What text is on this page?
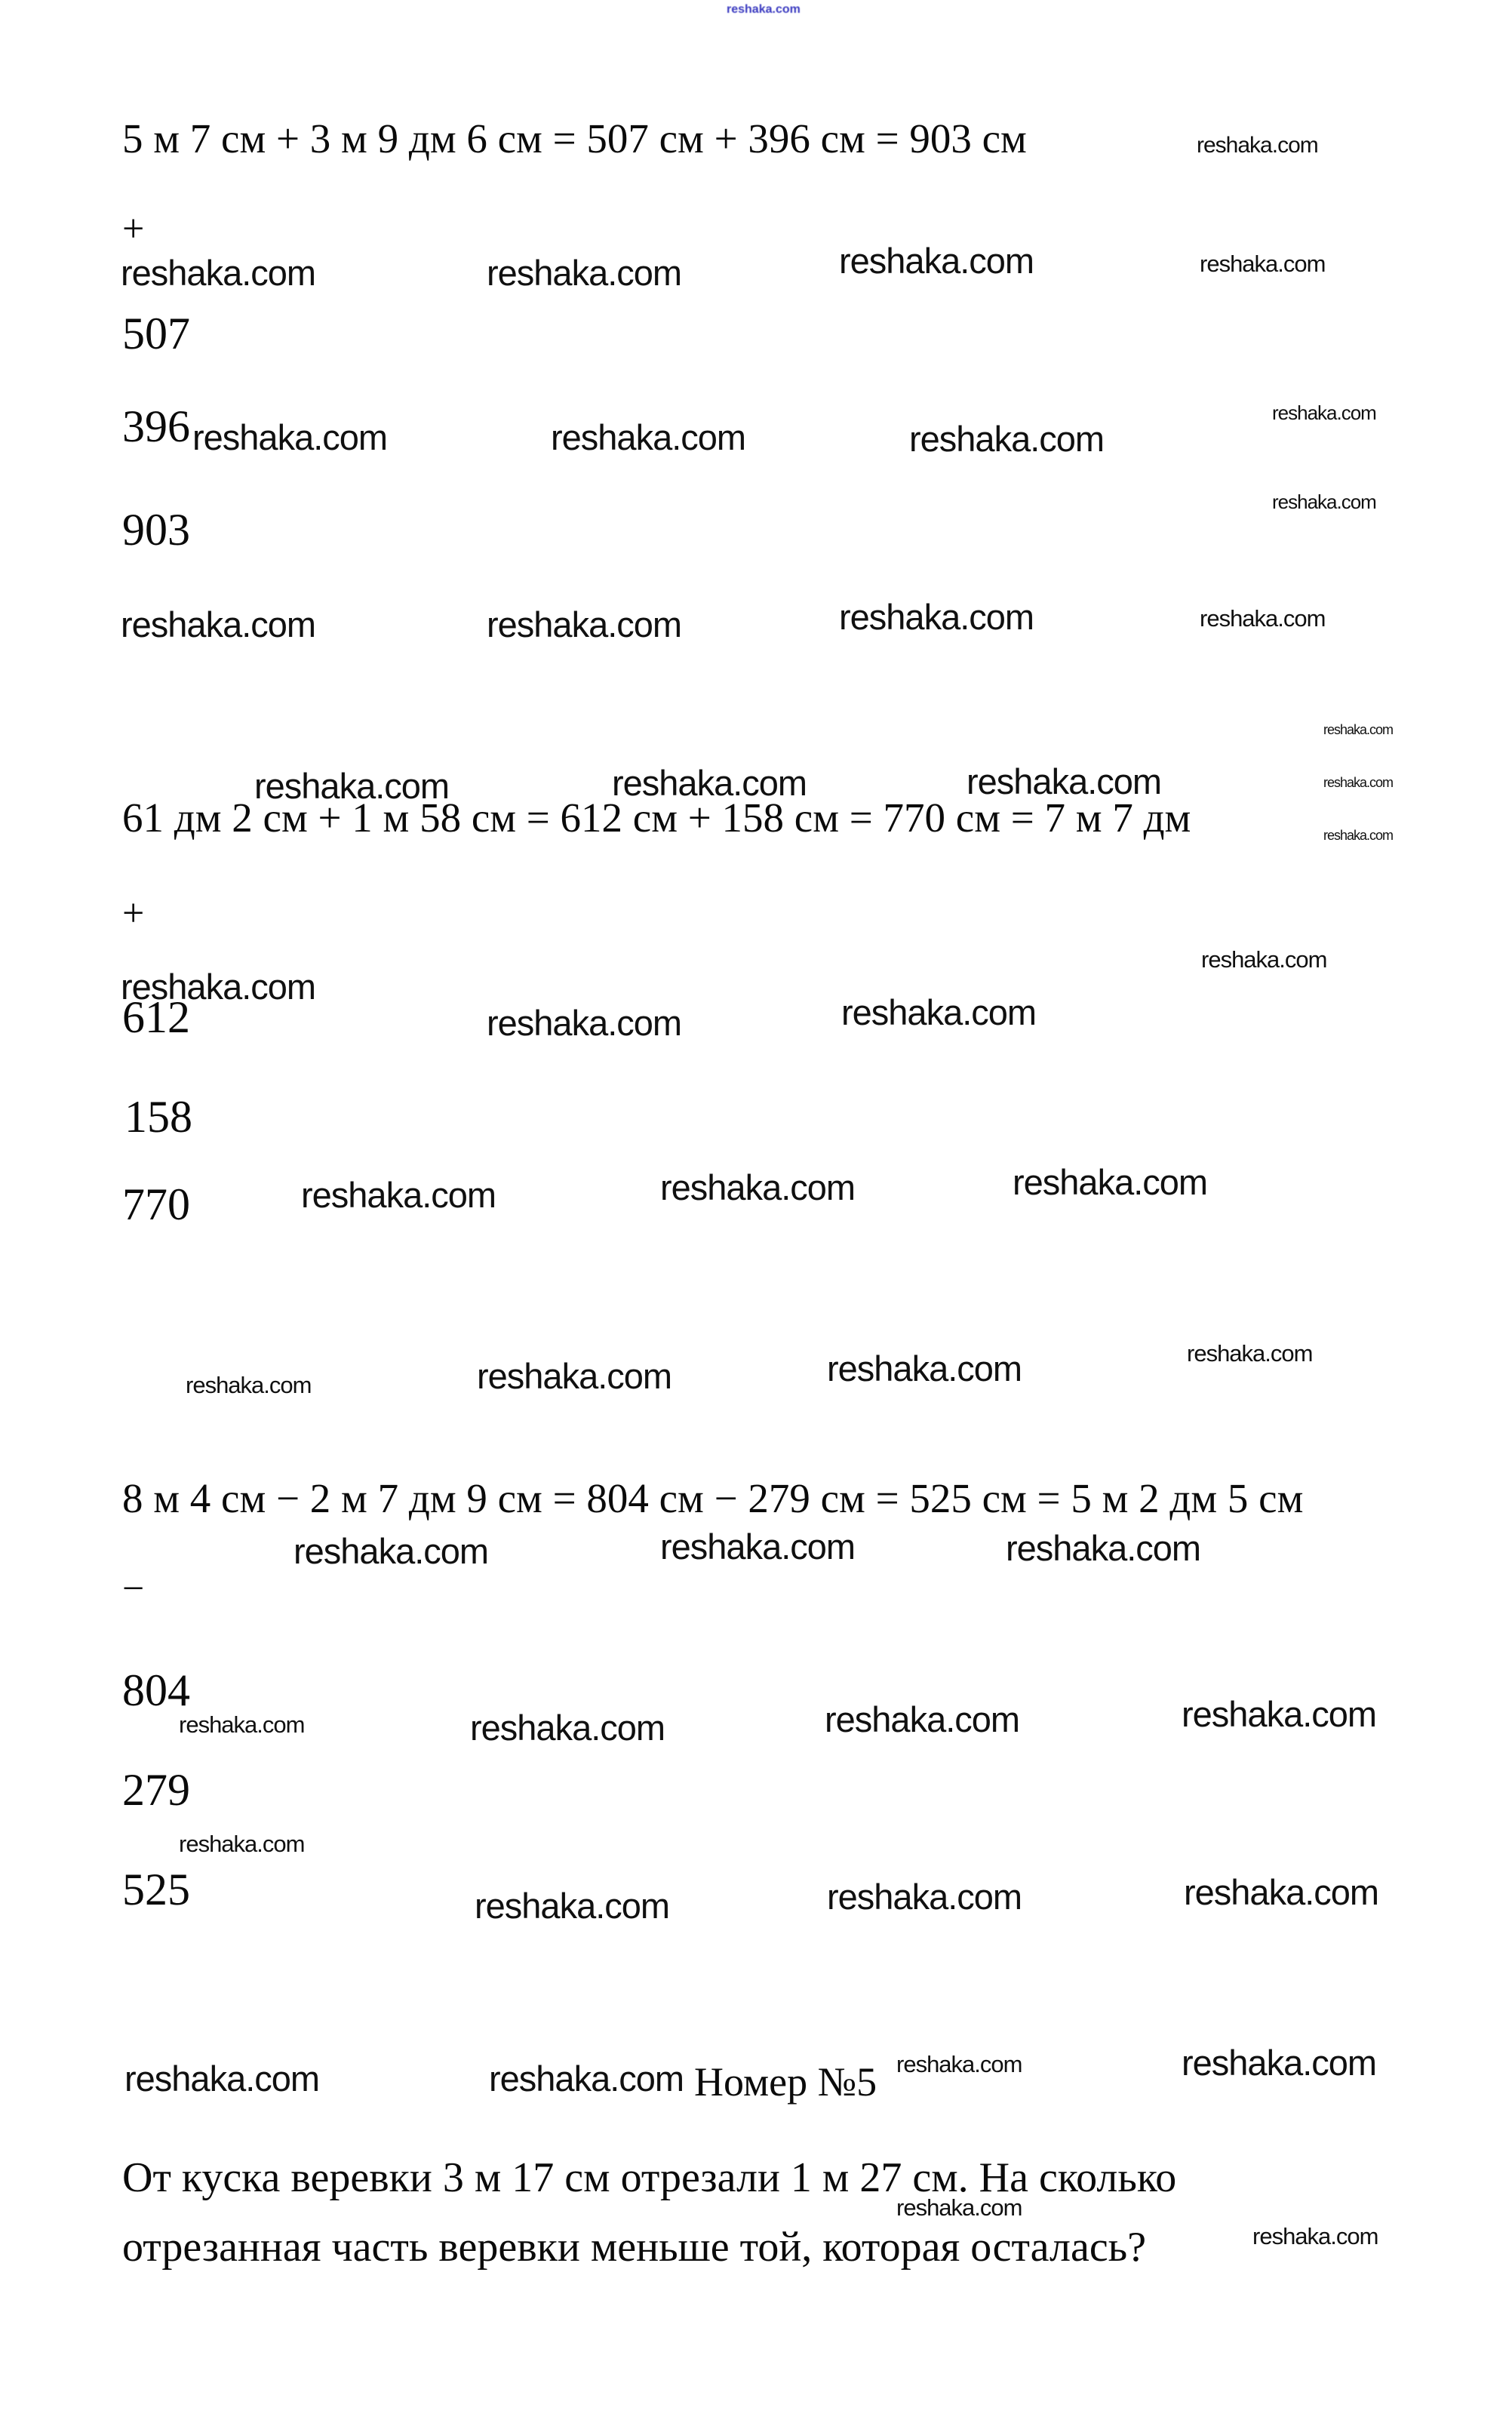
5 м 7 см + 3 м 9 дм 6 см = 507 см + 396 см = 903 см
+
507
396
903
61 дм 2 см + 1 м 58 см = 612 см + 158 см = 770 см = 7 м 7 дм
+
612
158
770
8 м 4 см − 2 м 7 дм 9 см = 804 см − 279 см = 525 см = 5 м 2 дм 5 см
−
804
279
525
Номер №5
От куска веревки 3 м 17 см отрезали 1 м 27 см. На сколько
отрезанная часть веревки меньше той, которая осталась?
reshaka.com
reshaka.com
reshaka.com	reshaka.com	reshaka.com	reshaka.com
reshaka.com	reshaka.com	reshaka.com
reshaka.com
reshaka.com
reshaka.com	reshaka.com	reshaka.com	reshaka.com
reshaka.com	reshaka.com	reshaka.com
reshaka.com
reshaka.com
reshaka.com
reshaka.com
reshaka.com	reshaka.com
reshaka.com
reshaka.com	reshaka.com	reshaka.com
reshaka.com	reshaka.com	reshaka.com	reshaka.com
reshaka.com	reshaka.com	reshaka.com
reshaka.com	reshaka.com	reshaka.com	reshaka.com
reshaka.com
reshaka.com	reshaka.com	reshaka.com
reshaka.com	reshaka.com	reshaka.com	reshaka.com
reshaka.com
reshaka.com
